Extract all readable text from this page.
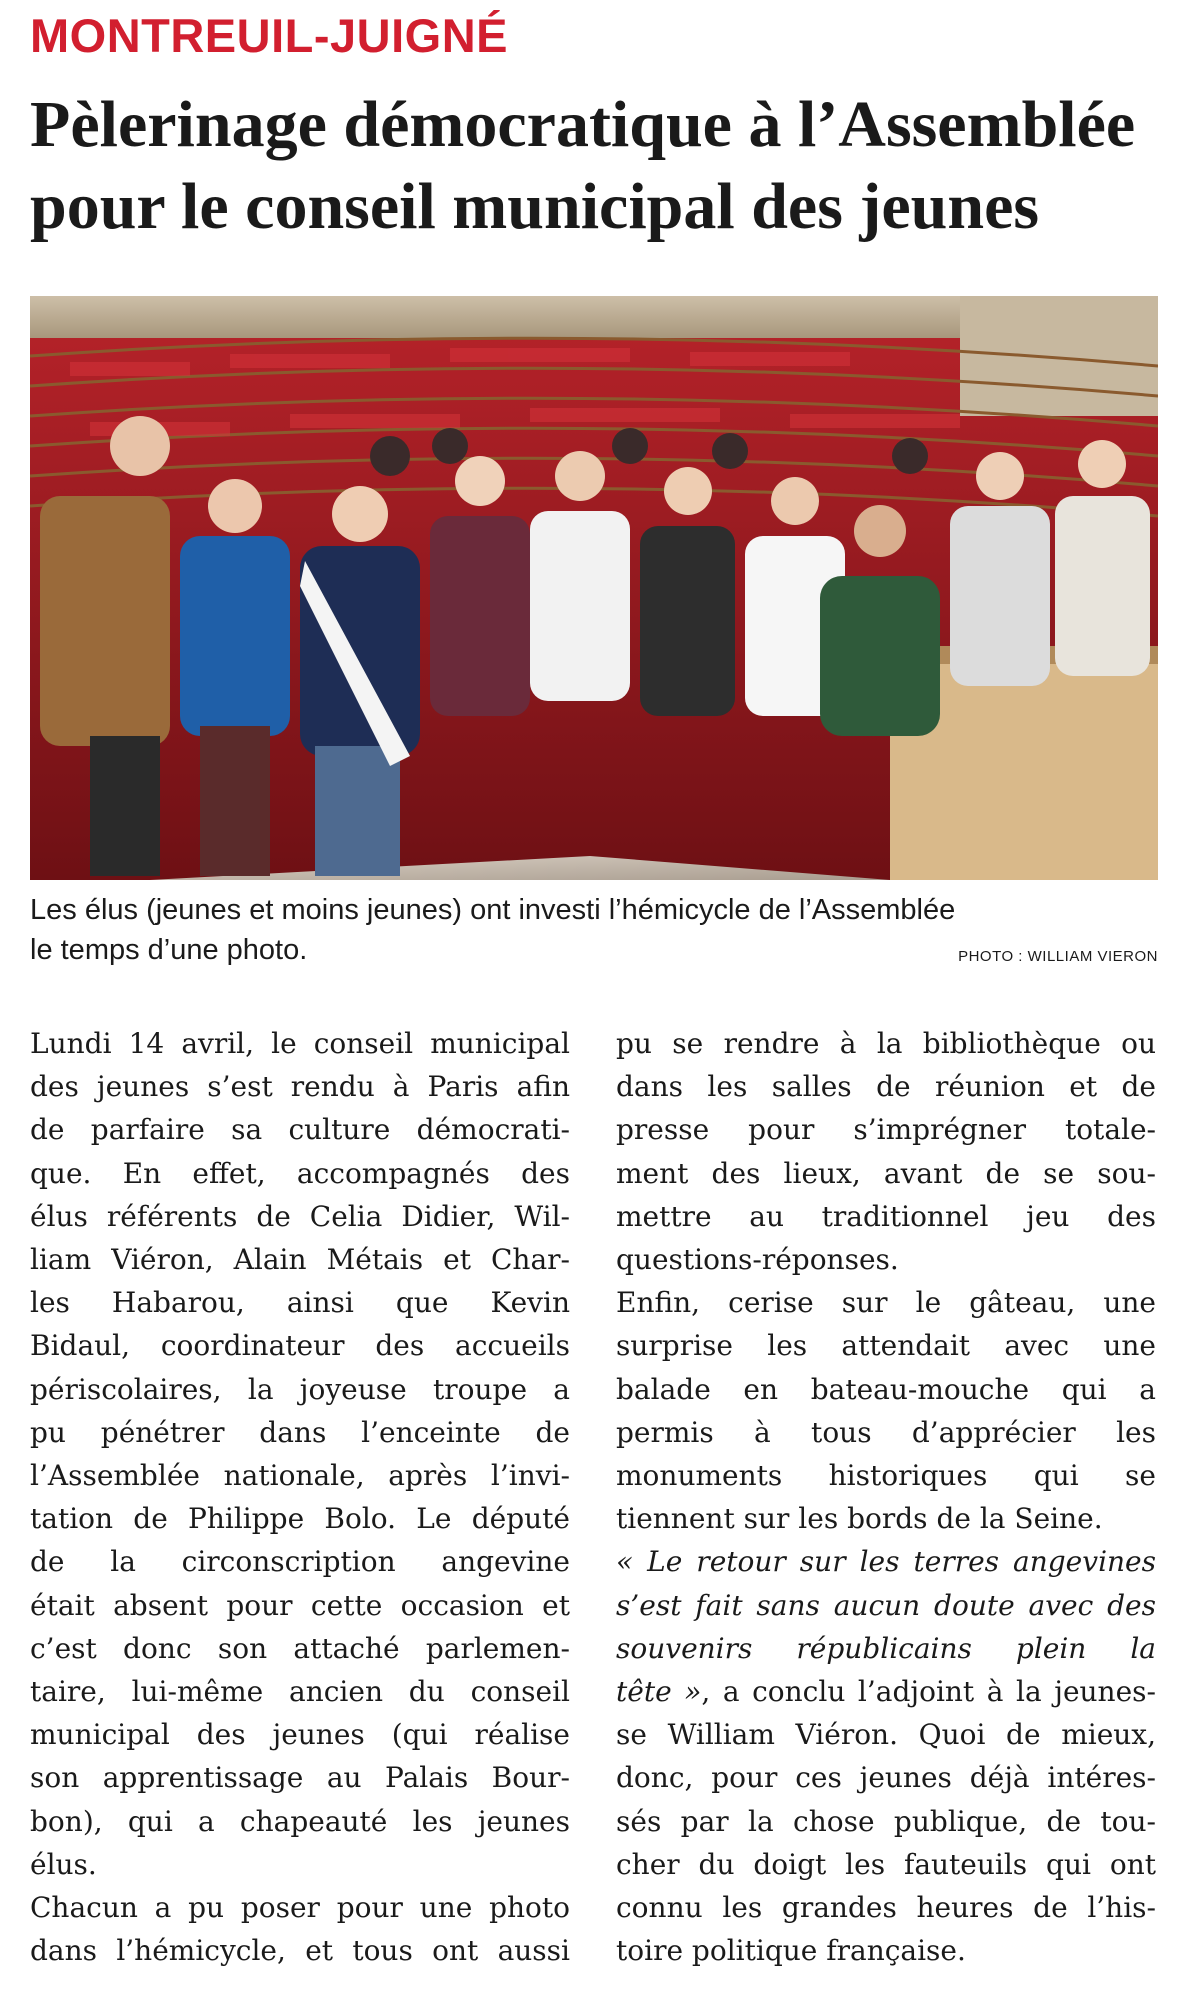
MONTREUIL-JUIGNÉ
Pèlerinage démocratique à l’Assemblée
pour le conseil municipal des jeunes
Les élus (jeunes et moins jeunes) ont investi l’hémicycle de l’Assemblée
le temps d’une photo.	PHOTO : WILLIAM VIERON

Lundi 14 avril, le conseil municipal
des jeunes s’est rendu à Paris afin
de parfaire sa culture démocrati-
que. En effet, accompagnés des
élus référents de Celia Didier, Wil-
liam Viéron, Alain Métais et Char-
les Habarou, ainsi que Kevin
Bidaul, coordinateur des accueils
périscolaires, la joyeuse troupe a
pu pénétrer dans l’enceinte de
l’Assemblée nationale, après l’invi-
tation de Philippe Bolo. Le député
de la circonscription angevine
était absent pour cette occasion et
c’est donc son attaché parlemen-
taire, lui-même ancien du conseil
municipal des jeunes (qui réalise
son apprentissage au Palais Bour-
bon), qui a chapeauté les jeunes
élus.

Chacun a pu poser pour une photo
dans l’hémicycle, et tous ont aussi

pu se rendre à la bibliothèque ou
dans les salles de réunion et de
presse pour s’imprégner totale-
ment des lieux, avant de se sou-
mettre au traditionnel jeu des
questions-réponses.

Enfin, cerise sur le gâteau, une
surprise les attendait avec une
balade en bateau-mouche qui a
permis à tous d’apprécier les
monuments historiques qui se
tiennent sur les bords de la Seine.

« Le retour sur les terres angevines
s’est fait sans aucun doute avec des
souvenirs républicains plein la
tête », a conclu l’adjoint à la jeunes-
se William Viéron. Quoi de mieux,
donc, pour ces jeunes déjà intéres-
sés par la chose publique, de tou-
cher du doigt les fauteuils qui ont
connu les grandes heures de l’his-
toire politique française.
